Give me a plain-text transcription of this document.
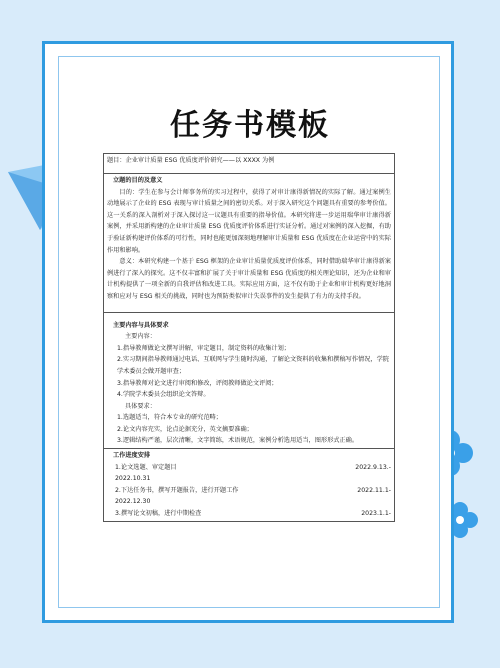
任务书模板
题目：企业审计质量 ESG 优质度评价研究——以 XXXX 为例

立题的目的及意义
目的：学生在参与会计师事务所的实习过程中，获得了对审计康得新情况的实际了解。通过案例生动地展示了企业的 ESG 表现与审计质量之间的密切关系。对于深入研究这个问题具有重要的参考价值。这一关系的深入剖析对于深入探讨这一议题具有重要的指导价值。本研究将进一步运用瑞华审计康得新案例，并采用新构建的企业审计质量 ESG 优质度评价体系进行实证分析。通过对案例的深入挖掘，有助于验证新构建评价体系的可行性，同时也能更加深刻地理解审计质量和 ESG 优质度在企业运营中的实际作用和影响。
意义：本研究构建一个基于 ESG 框架的企业审计质量优质度评价体系，同时借助瑞华审计康得新案例进行了深入的探究。这不仅丰富和扩展了关于审计质量和 ESG 优质度的相关理论知识，还为企业和审计机构提供了一项全新的自我评估和改进工具。实际应用方面，这不仅有助于企业和审计机构更好地洞察和应对与 ESG 相关的挑战，同时也为预防类似审计失误事件的发生提供了有力的支持手段。

主要内容与具体要求
主要内容：
1.指导教师做论文撰写讲解，审定题目，制定资料的收集计划；
2.实习期间指导教师通过电话、互联网与学生随时沟通，了解论文资料的收集和撰稿写作情况，学院学术委员会做开题审查；
3.指导教师对论文进行审阅和修改，评阅教师做论文评阅；
4.学院学术委员会组织论文答辩。
具体要求：
1.选题适当，符合本专业的研究范畴；
2.论文内容充实，论点论据充分，英文摘要准确；
3.逻辑结构严谨，层次清晰，文字简练，术语规范，案例分析选用适当，图形形式正确。

工作进度安排
1.论文选题、审定题目	2022.9.13.-
2022.10.31
2.下达任务书，撰写开题报告，进行开题工作	2022.11.1-
2022.12.30
3.撰写论文初稿，进行中期检查	2023.1.1-
